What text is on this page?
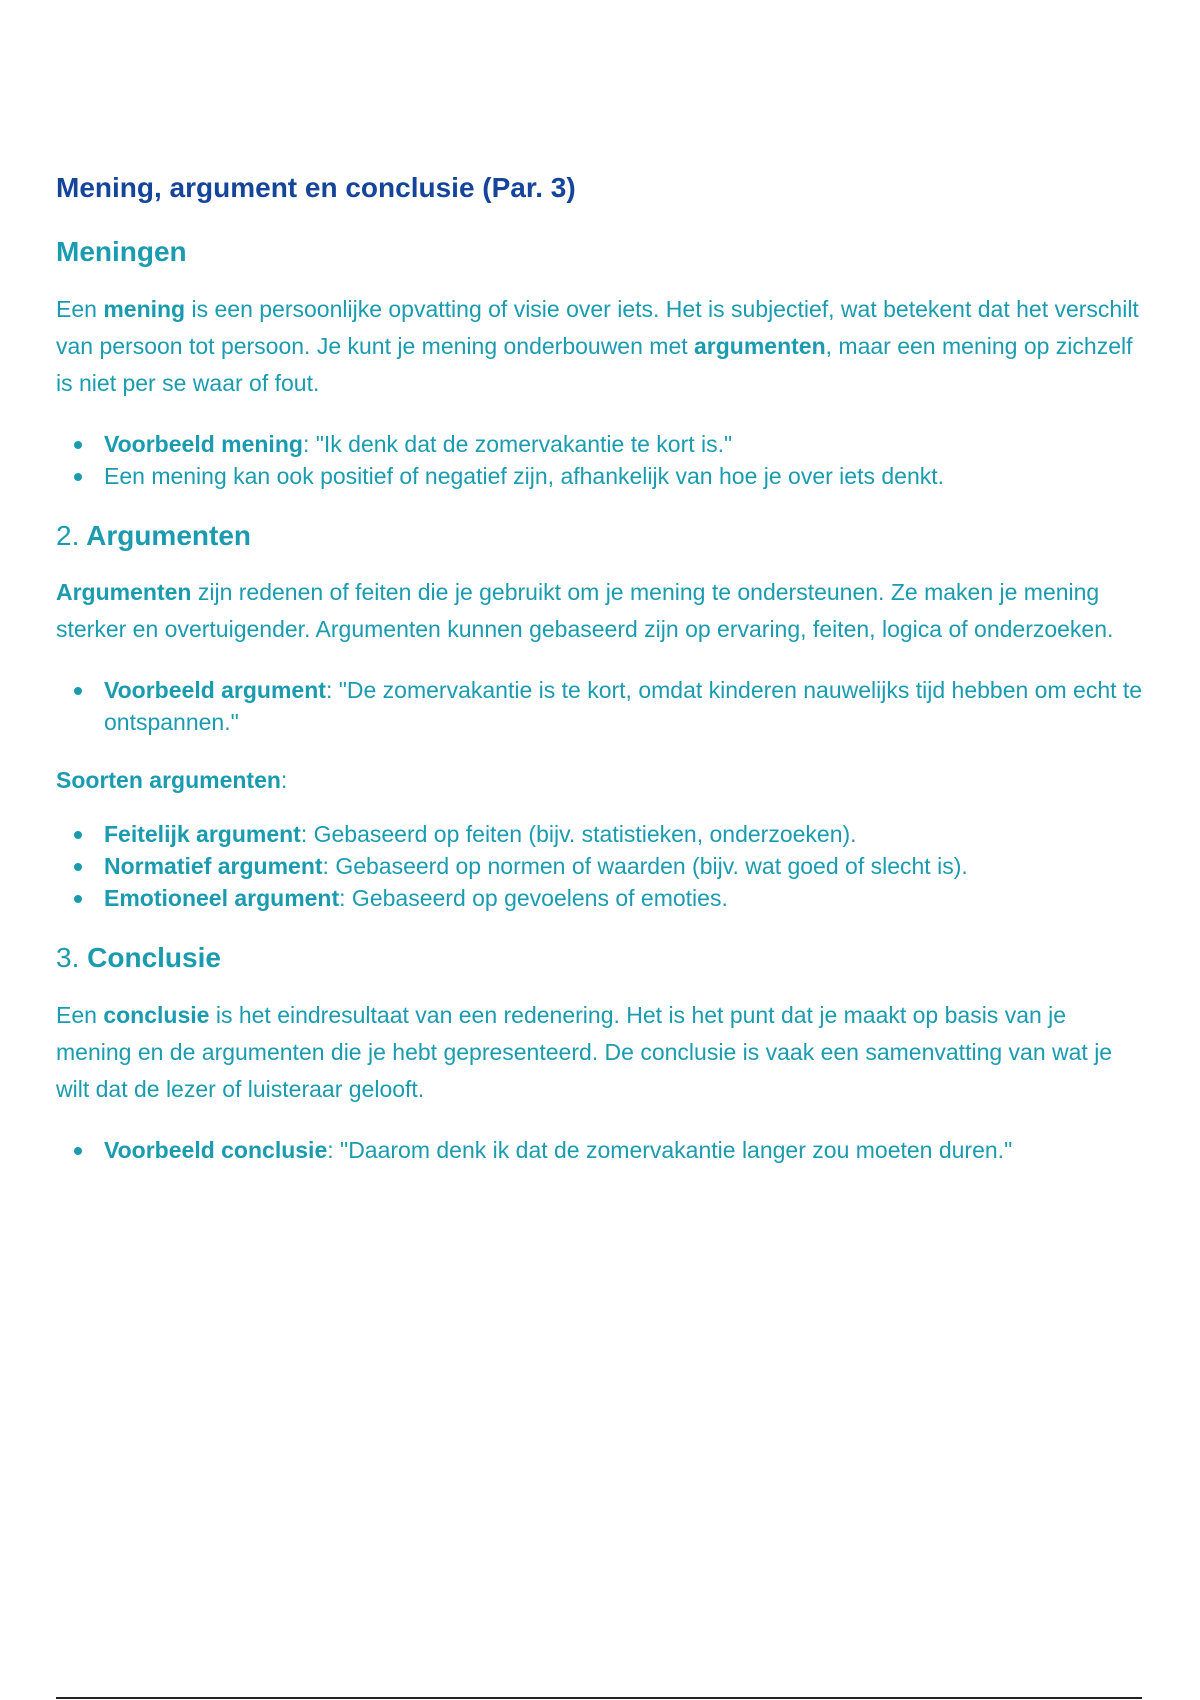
Mening, argument en conclusie (Par. 3)
Meningen

Een mening is een persoonlijke opvatting of visie over iets. Het is subjectief, wat betekent dat het verschilt van persoon tot persoon. Je kunt je mening onderbouwen met argumenten, maar een mening op zichzelf is niet per se waar of fout.

Voorbeeld mening: "Ik denk dat de zomervakantie te kort is."
Een mening kan ook positief of negatief zijn, afhankelijk van hoe je over iets denkt.
2. Argumenten

Argumenten zijn redenen of feiten die je gebruikt om je mening te ondersteunen. Ze maken je mening sterker en overtuigender. Argumenten kunnen gebaseerd zijn op ervaring, feiten, logica of onderzoeken.

Voorbeeld argument: "De zomervakantie is te kort, omdat kinderen nauwelijks tijd hebben om echt te ontspannen."
Soorten argumenten:
Feitelijk argument: Gebaseerd op feiten (bijv. statistieken, onderzoeken).
Normatief argument: Gebaseerd op normen of waarden (bijv. wat goed of slecht is).
Emotioneel argument: Gebaseerd op gevoelens of emoties.
3. Conclusie

Een conclusie is het eindresultaat van een redenering. Het is het punt dat je maakt op basis van je mening en de argumenten die je hebt gepresenteerd. De conclusie is vaak een samenvatting van wat je wilt dat de lezer of luisteraar gelooft.

Voorbeeld conclusie: "Daarom denk ik dat de zomervakantie langer zou moeten duren."
